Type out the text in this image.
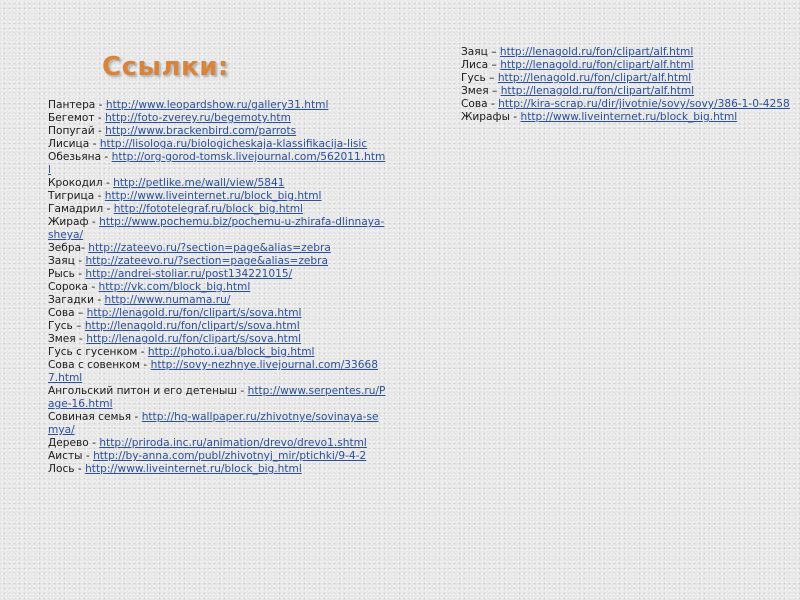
Ссылки:
Пантера - http://www.leopardshow.ru/gallery31.html
Бегемот - http://foto-zverey.ru/begemoty.htm
Попугай - http://www.brackenbird.com/parrots
Лисица - http://lisologa.ru/biologicheskaja-klassifikacija-lisic
Обезьяна - http://org-gorod-tomsk.livejournal.com/562011.html
Крокодил - http://petlike.me/wall/view/5841
Тигрица - http://www.liveinternet.ru/block_big.html
Гамадрил - http://fototelegraf.ru/block_big.html
Жираф - http://www.pochemu.biz/pochemu-u-zhirafa-dlinnaya-sheya/
Зебра- http://zateevo.ru/?section=page&alias=zebra
Заяц - http://zateevo.ru/?section=page&alias=zebra
Рысь - http://andrei-stoliar.ru/post134221015/
Сорока - http://vk.com/block_big.html
Загадки - http://www.numama.ru/
Сова – http://lenagold.ru/fon/clipart/s/sova.html
Гусь – http://lenagold.ru/fon/clipart/s/sova.html
Змея - http://lenagold.ru/fon/clipart/s/sova.html
Гусь с гусенком - http://photo.i.ua/block_big.html
Сова с совенком - http://sovy-nezhnye.livejournal.com/336687.html
Ангольский питон и его детеныш - http://www.serpentes.ru/Page-16.html
Совиная семья - http://hq-wallpaper.ru/zhivotnye/sovinaya-semya/
Дерево - http://priroda.inc.ru/animation/drevo/drevo1.shtml
Аисты - http://by-anna.com/publ/zhivotnyj_mir/ptichki/9-4-2
Лось - http://www.liveinternet.ru/block_big.html
Заяц – http://lenagold.ru/fon/clipart/alf.html
Лиса – http://lenagold.ru/fon/clipart/alf.html
Гусь – http://lenagold.ru/fon/clipart/alf.html
Змея – http://lenagold.ru/fon/clipart/alf.html
Сова - http://kira-scrap.ru/dir/jivotnie/sovy/sovy/386-1-0-4258
Жирафы - http://www.liveinternet.ru/block_big.html
